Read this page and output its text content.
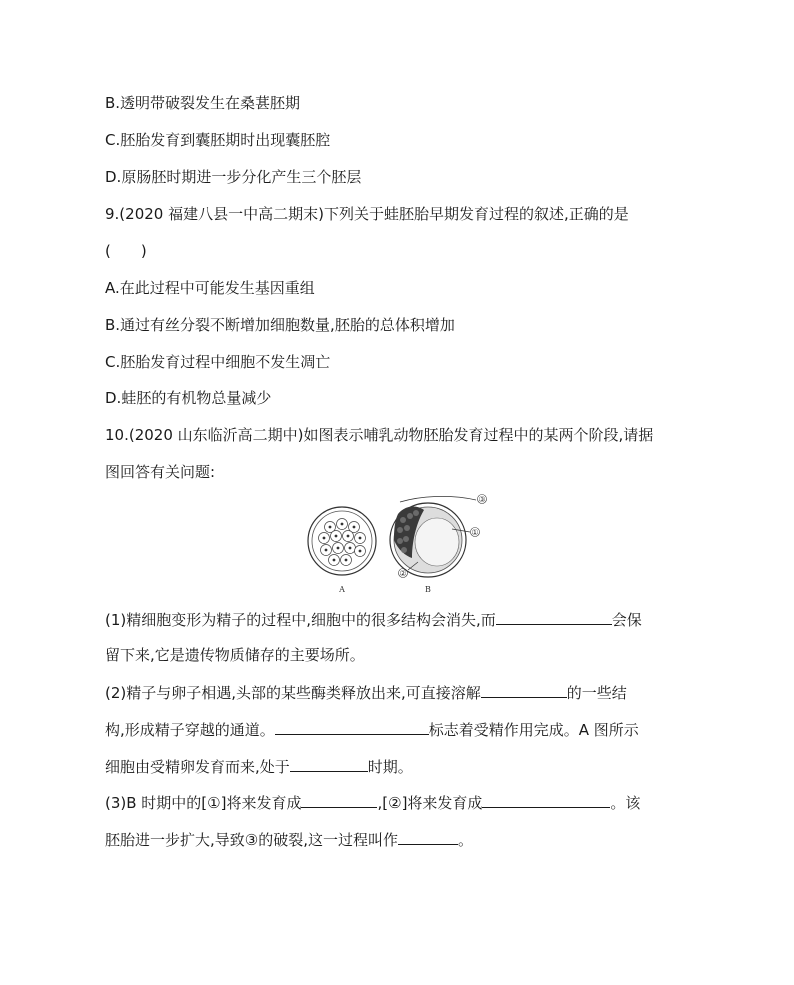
B.透明带破裂发生在桑葚胚期
C.胚胎发育到囊胚期时出现囊胚腔
D.原肠胚时期进一步分化产生三个胚层
9.(2020 福建八县一中高二期末)下列关于蛙胚胎早期发育过程的叙述,正确的是
(　　)
A.在此过程中可能发生基因重组
B.通过有丝分裂不断增加细胞数量,胚胎的总体积增加
C.胚胎发育过程中细胞不发生凋亡
D.蛙胚的有机物总量减少
10.(2020 山东临沂高二期中)如图表示哺乳动物胚胎发育过程中的某两个阶段,请据
图回答有关问题:
③
①
②
A	B
(1)精细胞变形为精子的过程中,细胞中的很多结构会消失,而	会保
留下来,它是遗传物质储存的主要场所。
(2)精子与卵子相遇,头部的某些酶类释放出来,可直接溶解	的一些结
构,形成精子穿越的通道。	标志着受精作用完成。A 图所示
细胞由受精卵发育而来,处于	时期。
(3)B 时期中的[①]将来发育成	,[②]将来发育成	。该
胚胎进一步扩大,导致③的破裂,这一过程叫作	。
